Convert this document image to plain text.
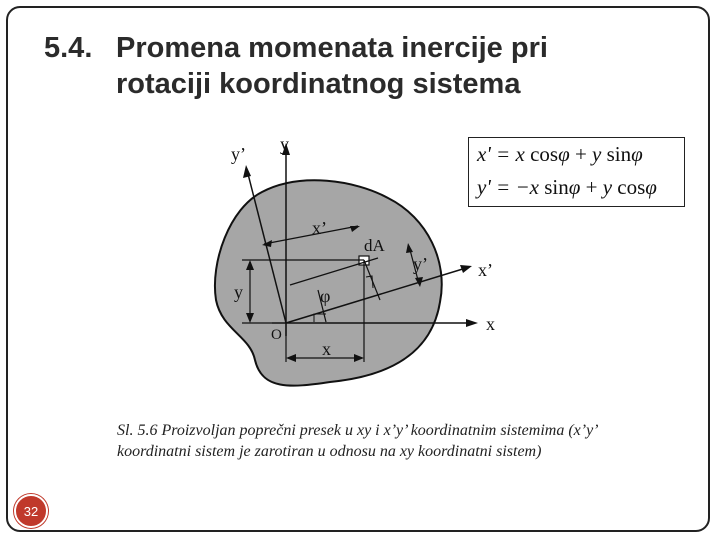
5.4. Promena momenata inercije pri
rotaciji koordinatnog sistema
y
y’
x
x’
O
dA
φ
x’
y’
y
x
x' = x cosφ + y sinφ
y' = −x sinφ + y cosφ
Sl. 5.6 Proizvoljan poprečni presek u xy i x’y’ koordinatnim sistemima (x’y’ koordinatni sistem je zarotiran u odnosu na xy koordinatni sistem)
32
